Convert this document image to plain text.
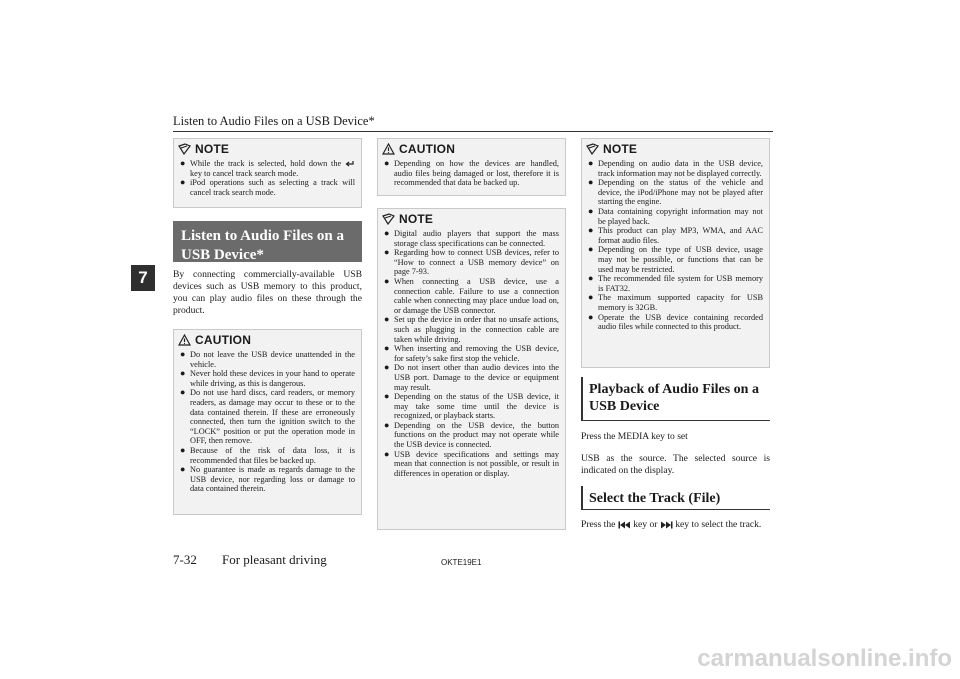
Listen to Audio Files on a USB Device*
7
NOTE
● While the track is selected, hold down the  key to cancel track search mode.
● iPod operations such as selecting a track will cancel track search mode.
Listen to Audio Files on a USB Device*
By connecting commercially-available USB devices such as USB memory to this product, you can play audio files on these through the product.
CAUTION
● Do not leave the USB device unattended in the vehicle.
● Never hold these devices in your hand to operate while driving, as this is dangerous.
● Do not use hard discs, card readers, or memory readers, as damage may occur to these or to the data contained therein. If these are erroneously connected, then turn the ignition switch to the “LOCK” position or put the operation mode in OFF, then remove.
● Because of the risk of data loss, it is recommended that files be backed up.
● No guarantee is made as regards damage to the USB device, nor regarding loss or damage to data contained therein.
CAUTION
● Depending on how the devices are handled, audio files being damaged or lost, therefore it is recommended that data be backed up.
NOTE
● Digital audio players that support the mass storage class specifications can be connected.
● Regarding how to connect USB devices, refer to “How to connect a USB memory device” on page 7-93.
● When connecting a USB device, use a connection cable. Failure to use a connection cable when connecting may place undue load on, or damage the USB connector.
● Set up the device in order that no unsafe actions, such as plugging in the connection cable are taken while driving.
● When inserting and removing the USB device, for safety’s sake first stop the vehicle.
● Do not insert other than audio devices into the USB port. Damage to the device or equipment may result.
● Depending on the status of the USB device, it may take some time until the device is recognized, or playback starts.
● Depending on the USB device, the button functions on the product may not operate while the USB device is connected.
● USB device specifications and settings may mean that connection is not possible, or result in differences in operation or display.
NOTE
● Depending on audio data in the USB device, track information may not be displayed correctly.
● Depending on the status of the vehicle and device, the iPod/iPhone may not be played after starting the engine.
● Data containing copyright information may not be played back.
● This product can play MP3, WMA, and AAC format audio files.
● Depending on the type of USB device, usage may not be possible, or functions that can be used may be restricted.
● The recommended file system for USB memory is FAT32.
● The maximum supported capacity for USB memory is 32GB.
● Operate the USB device containing recorded audio files while connected to this product.
Playback of Audio Files on a USB Device
Press the MEDIA key to set
USB as the source. The selected source is indicated on the display.
Select the Track (File)
Press the key or key to select the track.
7-32 For pleasant driving	OKTE19E1
carmanualsonline.info
